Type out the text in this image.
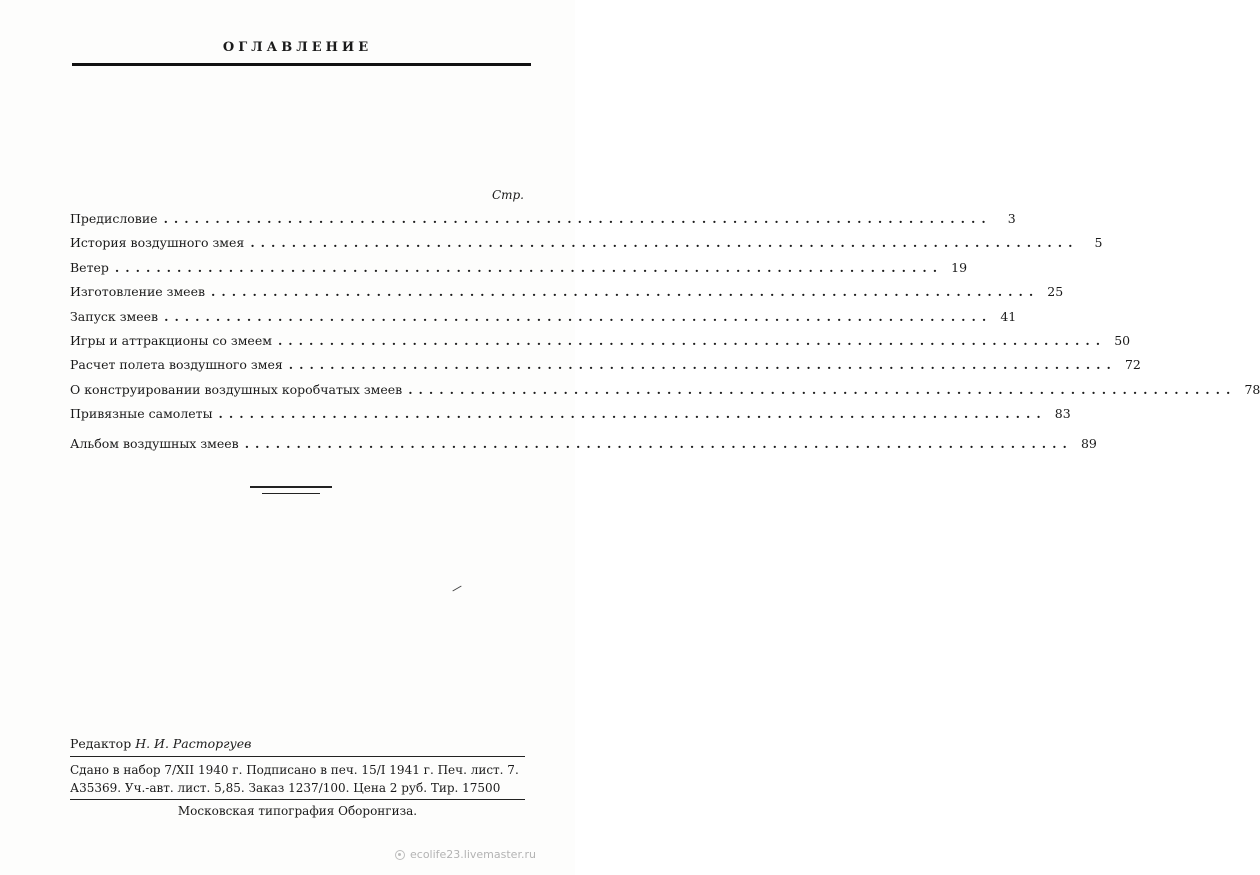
ОГЛАВЛЕНИЕ
Стр.
Предисловие ................................................................................	3
История воздушного змея ................................................................................	5
Ветер ................................................................................ 19
Изготовление змеев ................................................................................ 25
Запуск змеев ................................................................................ 41
Игры и аттракционы со змеем ................................................................................ 50
Расчет полета воздушного змея ................................................................................ 72
О конструировании воздушных коробчатых змеев ................................................................................ 78
Привязные самолеты ................................................................................ 83
Альбом воздушных змеев ................................................................................ 89
Редактор Н. И. Расторгуев
Сдано в набор 7/XII 1940 г. Подписано в печ. 15/I 1941 г. Печ. лист. 7.
А35369. Уч.-авт. лист. 5,85. Заказ 1237/100. Цена 2 руб. Тир. 17500
Московская типография Оборонгиза.
ecolife23.livemaster.ru
